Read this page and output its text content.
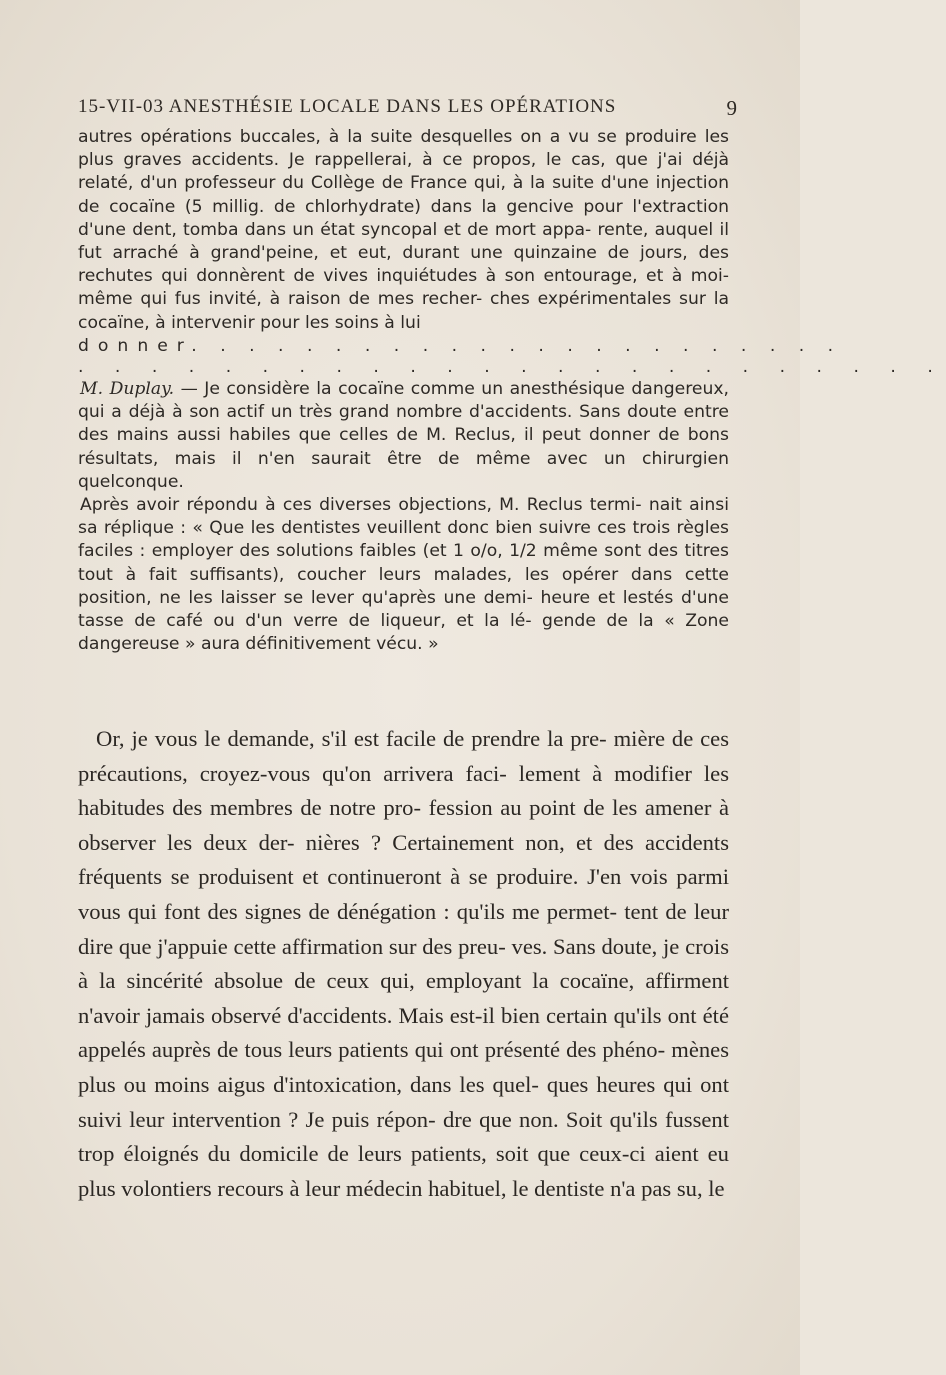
15-VII-03 ANESTHÉSIE LOCALE DANS LES OPÉRATIONS	9

autres opérations buccales, à la suite desquelles on a vu se produire les plus graves accidents. Je rappellerai, à ce propos, le cas, que j'ai déjà relaté, d'un professeur du Collège de France qui, à la suite d'une injection de cocaïne (5 millig. de chlorhydrate) dans la gencive pour l'extraction d'une dent, tomba dans un état syncopal et de mort appa- rente, auquel il fut arraché à grand'peine, et eut, durant une quinzaine de jours, des rechutes qui donnèrent de vives inquiétudes à son entourage, et à moi-même qui fus invité, à raison de mes recher- ches expérimentales sur la cocaïne, à intervenir pour les soins à lui

donner. . . . . . . . . . . . . . . . . . . . . . .
. . . . . . . . . . . . . . . . . . . . . . . .

M. Duplay. — Je considère la cocaïne comme un anesthésique dangereux, qui a déjà à son actif un très grand nombre d'accidents. Sans doute entre des mains aussi habiles que celles de M. Reclus, il peut donner de bons résultats, mais il n'en saurait être de même avec un chirurgien quelconque.

Après avoir répondu à ces diverses objections, M. Reclus termi- nait ainsi sa réplique : « Que les dentistes veuillent donc bien suivre ces trois règles faciles : employer des solutions faibles (et 1 o/o, 1/2 même sont des titres tout à fait suffisants), coucher leurs malades, les opérer dans cette position, ne les laisser se lever qu'après une demi- heure et lestés d'une tasse de café ou d'un verre de liqueur, et la lé- gende de la « Zone dangereuse » aura définitivement vécu. »

Or, je vous le demande, s'il est facile de prendre la pre- mière de ces précautions, croyez-vous qu'on arrivera faci- lement à modifier les habitudes des membres de notre pro- fession au point de les amener à observer les deux der- nières ? Certainement non, et des accidents fréquents se produisent et continueront à se produire. J'en vois parmi vous qui font des signes de dénégation : qu'ils me permet- tent de leur dire que j'appuie cette affirmation sur des preu- ves. Sans doute, je crois à la sincérité absolue de ceux qui, employant la cocaïne, affirment n'avoir jamais observé d'accidents. Mais est-il bien certain qu'ils ont été appelés auprès de tous leurs patients qui ont présenté des phéno- mènes plus ou moins aigus d'intoxication, dans les quel- ques heures qui ont suivi leur intervention ? Je puis répon- dre que non. Soit qu'ils fussent trop éloignés du domicile de leurs patients, soit que ceux-ci aient eu plus volontiers recours à leur médecin habituel, le dentiste n'a pas su, le
